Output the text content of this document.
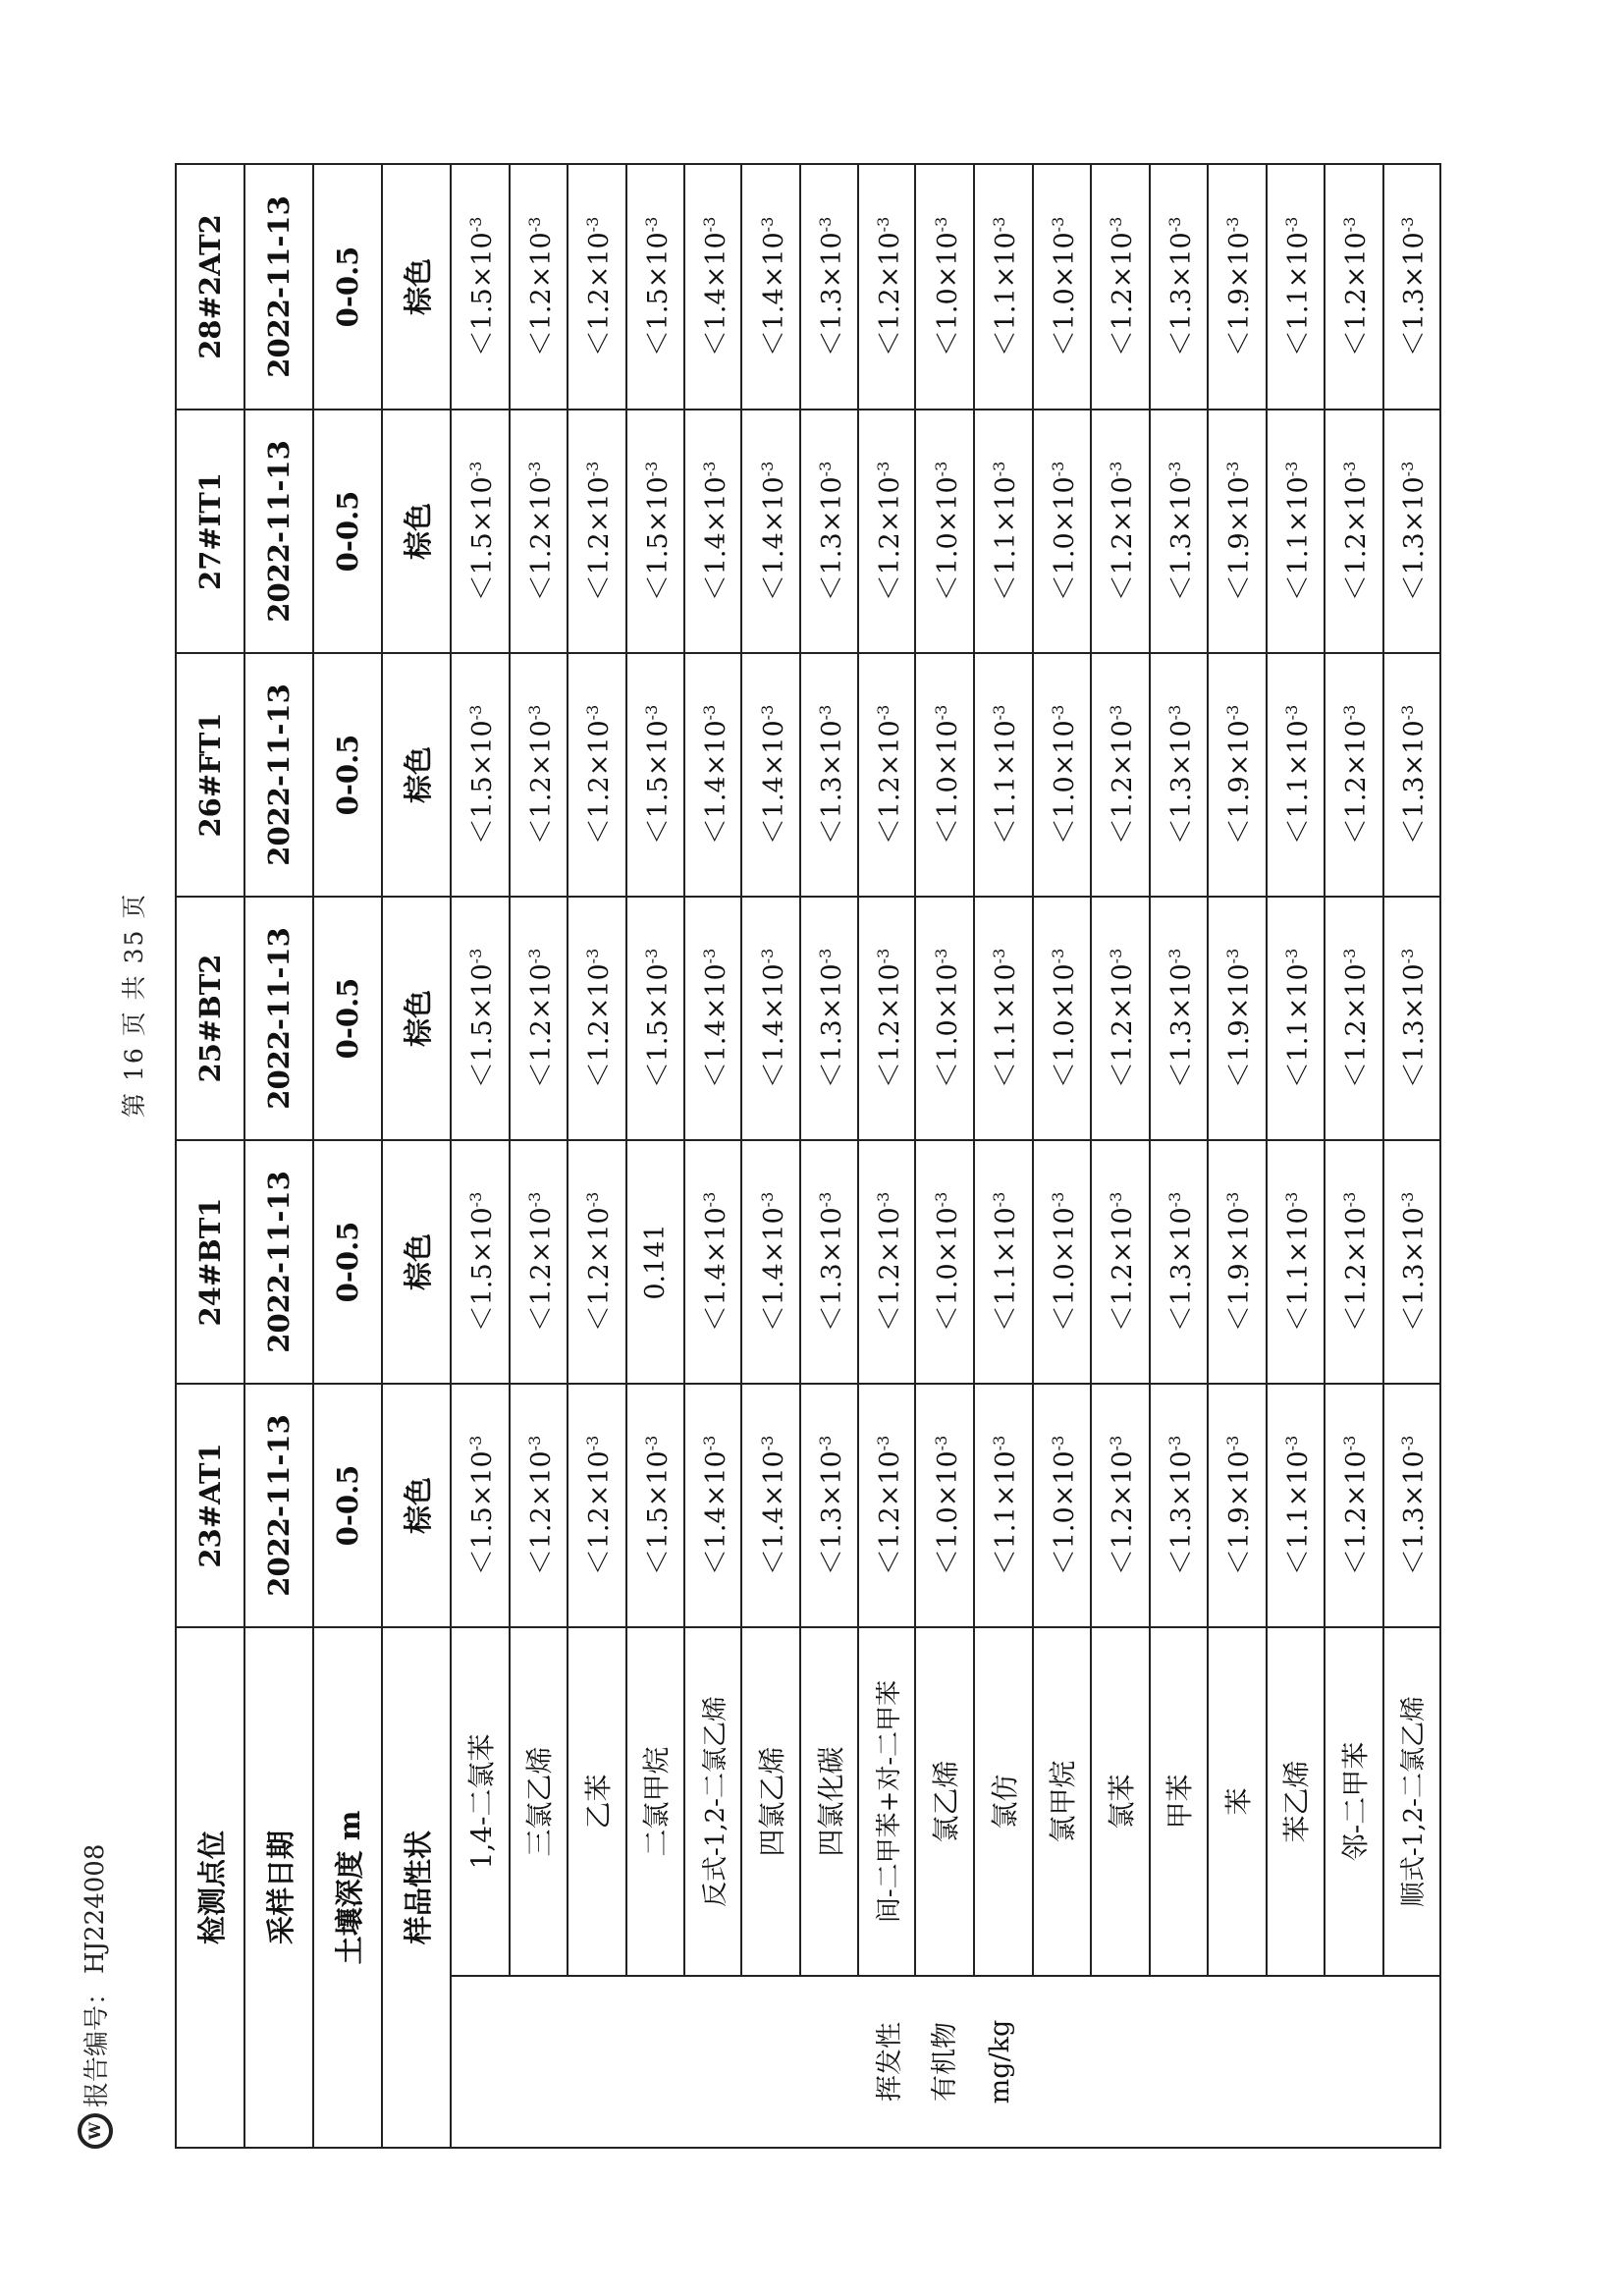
W
报告编号：
HJ224008
第 16 页 共 35 页
检测点位		23#AT1	24#BT1	25#BT2	26#FT1	27#IT1	28#2AT2
采样日期		2022-11-13	2022-11-13	2022-11-13	2022-11-13	2022-11-13	2022-11-13
土壤深度 m		0-0.5	0-0.5	0-0.5	0-0.5	0-0.5	0-0.5
样品性状		棕色	棕色	棕色	棕色	棕色	棕色

挥发性 有机物 mg/kg	1,4-二氯苯	$<1.5\times 10^{-3}$	$<1.5\times 10^{-3}$	$<1.5\times 10^{-3}$	$<1.5\times 10^{-3}$	$<1.5\times 10^{-3}$	$<1.5\times 10^{-3}$
	三氯乙烯	$<1.2\times 10^{-3}$	$<1.2\times 10^{-3}$	$<1.2\times 10^{-3}$	$<1.2\times 10^{-3}$	$<1.2\times 10^{-3}$	$<1.2\times 10^{-3}$
	乙苯	$<1.2\times 10^{-3}$	$<1.2\times 10^{-3}$	$<1.2\times 10^{-3}$	$<1.2\times 10^{-3}$	$<1.2\times 10^{-3}$	$<1.2\times 10^{-3}$
	二氯甲烷	$<1.5\times 10^{-3}$	0.141	$<1.5\times 10^{-3}$	$<1.5\times 10^{-3}$	$<1.5\times 10^{-3}$	$<1.5\times 10^{-3}$
	反式-1,2-二氯乙烯	$<1.4\times 10^{-3}$	$<1.4\times 10^{-3}$	$<1.4\times 10^{-3}$	$<1.4\times 10^{-3}$	$<1.4\times 10^{-3}$	$<1.4\times 10^{-3}$
	四氯乙烯	$<1.4\times 10^{-3}$	$<1.4\times 10^{-3}$	$<1.4\times 10^{-3}$	$<1.4\times 10^{-3}$	$<1.4\times 10^{-3}$	$<1.4\times 10^{-3}$
	四氯化碳	$<1.3\times 10^{-3}$	$<1.3\times 10^{-3}$	$<1.3\times 10^{-3}$	$<1.3\times 10^{-3}$	$<1.3\times 10^{-3}$	$<1.3\times 10^{-3}$
	间-二甲苯+对-二甲苯	$<1.2\times 10^{-3}$	$<1.2\times 10^{-3}$	$<1.2\times 10^{-3}$	$<1.2\times 10^{-3}$	$<1.2\times 10^{-3}$	$<1.2\times 10^{-3}$
	氯乙烯	$<1.0\times 10^{-3}$	$<1.0\times 10^{-3}$	$<1.0\times 10^{-3}$	$<1.0\times 10^{-3}$	$<1.0\times 10^{-3}$	$<1.0\times 10^{-3}$
	氯仿	$<1.1\times 10^{-3}$	$<1.1\times 10^{-3}$	$<1.1\times 10^{-3}$	$<1.1\times 10^{-3}$	$<1.1\times 10^{-3}$	$<1.1\times 10^{-3}$
	氯甲烷	$<1.0\times 10^{-3}$	$<1.0\times 10^{-3}$	$<1.0\times 10^{-3}$	$<1.0\times 10^{-3}$	$<1.0\times 10^{-3}$	$<1.0\times 10^{-3}$
	氯苯	$<1.2\times 10^{-3}$	$<1.2\times 10^{-3}$	$<1.2\times 10^{-3}$	$<1.2\times 10^{-3}$	$<1.2\times 10^{-3}$	$<1.2\times 10^{-3}$
	甲苯	$<1.3\times 10^{-3}$	$<1.3\times 10^{-3}$	$<1.3\times 10^{-3}$	$<1.3\times 10^{-3}$	$<1.3\times 10^{-3}$	$<1.3\times 10^{-3}$
	苯	$<1.9\times 10^{-3}$	$<1.9\times 10^{-3}$	$<1.9\times 10^{-3}$	$<1.9\times 10^{-3}$	$<1.9\times 10^{-3}$	$<1.9\times 10^{-3}$
	苯乙烯	$<1.1\times 10^{-3}$	$<1.1\times 10^{-3}$	$<1.1\times 10^{-3}$	$<1.1\times 10^{-3}$	$<1.1\times 10^{-3}$	$<1.1\times 10^{-3}$
	邻-二甲苯	$<1.2\times 10^{-3}$	$<1.2\times 10^{-3}$	$<1.2\times 10^{-3}$	$<1.2\times 10^{-3}$	$<1.2\times 10^{-3}$	$<1.2\times 10^{-3}$
	顺式-1,2-二氯乙烯	$<1.3\times 10^{-3}$	$<1.3\times 10^{-3}$	$<1.3\times 10^{-3}$	$<1.3\times 10^{-3}$	$<1.3\times 10^{-3}$	$<1.3\times 10^{-3}$
